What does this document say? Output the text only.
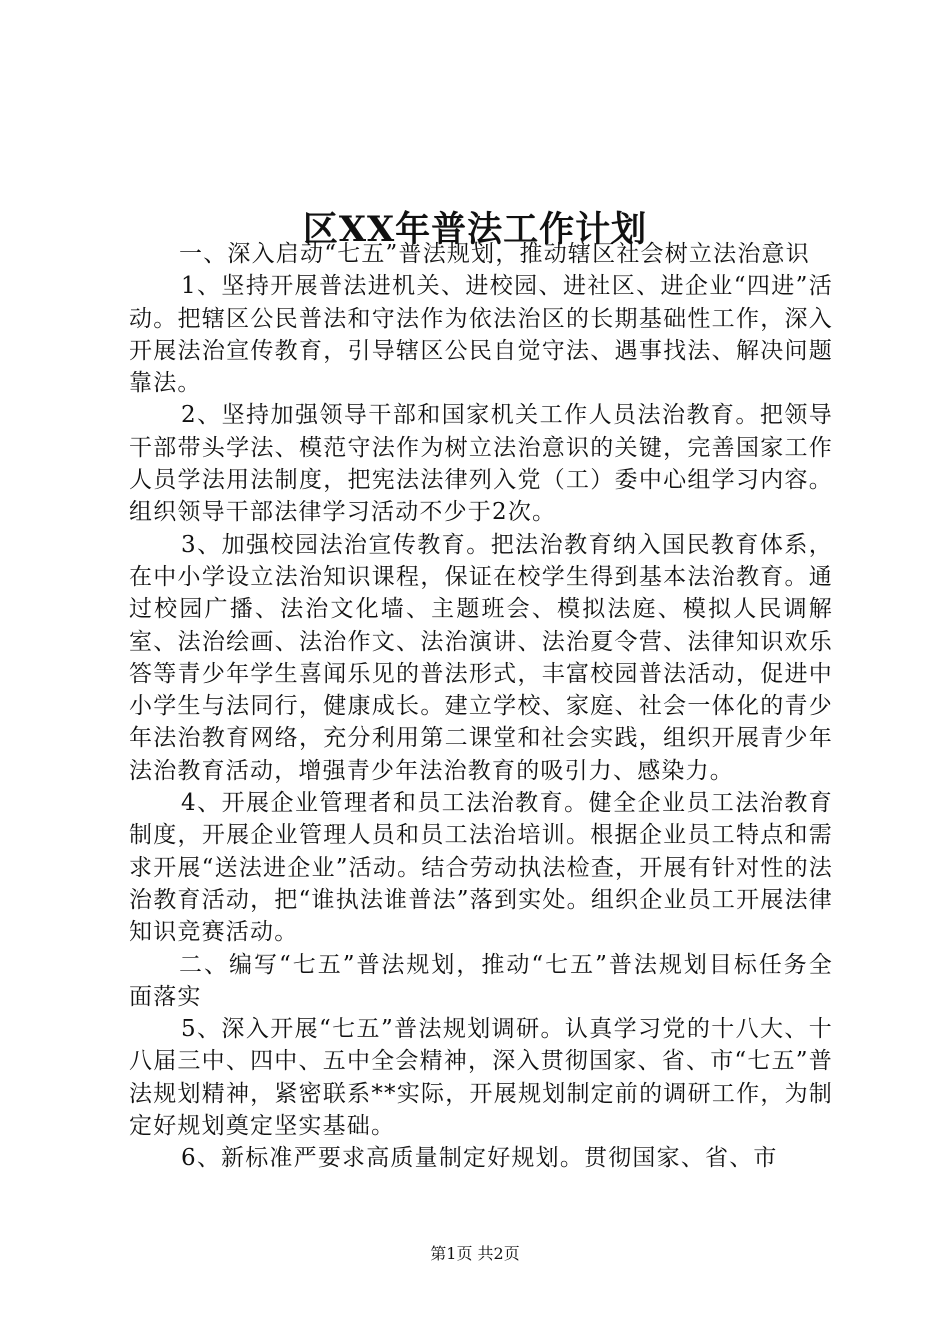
区XX年普法工作计划

一、深入启动“七五”普法规划，推动辖区社会树立法治意识

1、坚持开展普法进机关、进校园、进社区、进企业“四进”活动。把辖区公民普法和守法作为依法治区的长期基础性工作，深入开展法治宣传教育，引导辖区公民自觉守法、遇事找法、解决问题靠法。

2、坚持加强领导干部和国家机关工作人员法治教育。把领导干部带头学法、模范守法作为树立法治意识的关键，完善国家工作人员学法用法制度，把宪法法律列入党（工）委中心组学习内容。组织领导干部法律学习活动不少于2次。

3、加强校园法治宣传教育。把法治教育纳入国民教育体系，在中小学设立法治知识课程，保证在校学生得到基本法治教育。通过校园广播、法治文化墙、主题班会、模拟法庭、模拟人民调解室、法治绘画、法治作文、法治演讲、法治夏令营、法律知识欢乐答等青少年学生喜闻乐见的普法形式，丰富校园普法活动，促进中小学生与法同行，健康成长。建立学校、家庭、社会一体化的青少年法治教育网络，充分利用第二课堂和社会实践，组织开展青少年法治教育活动，增强青少年法治教育的吸引力、感染力。

4、开展企业管理者和员工法治教育。健全企业员工法治教育制度，开展企业管理人员和员工法治培训。根据企业员工特点和需求开展“送法进企业”活动。结合劳动执法检查，开展有针对性的法治教育活动，把“谁执法谁普法”落到实处。组织企业员工开展法律知识竞赛活动。

二、编写“七五”普法规划，推动“七五”普法规划目标任务全面落实

5、深入开展“七五”普法规划调研。认真学习党的十八大、十八届三中、四中、五中全会精神，深入贯彻国家、省、市“七五”普法规划精神，紧密联系**实际，开展规划制定前的调研工作，为制定好规划奠定坚实基础。

6、新标准严要求高质量制定好规划。贯彻国家、省、市

第1页 共2页
